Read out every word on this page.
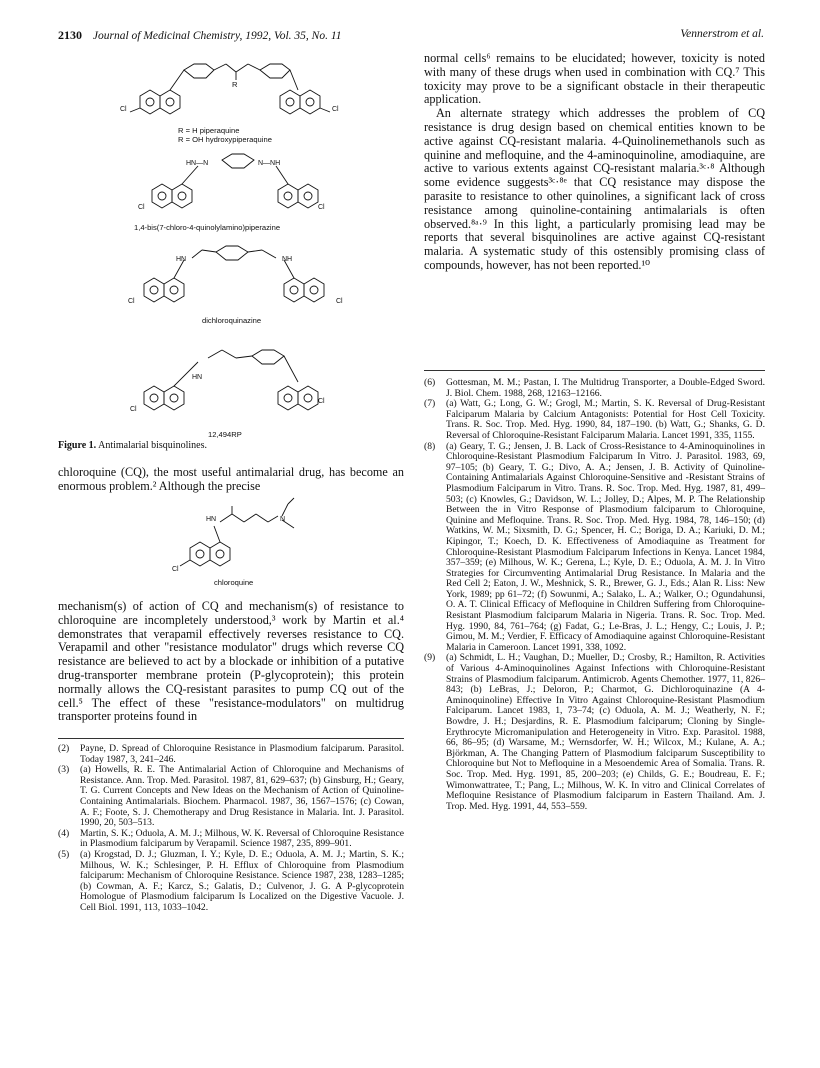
2130 Journal of Medicinal Chemistry, 1992, Vol. 35, No. 11	Vennerstrom et al.
R
Cl	Cl
R = H piperaquine
R = OH hydroxypiperaquine
HN—N	N—NH
Cl	Cl
1,4-bis(7-chloro-4-quinolylamino)piperazine
HN	NH
Cl	Cl
dichloroquinazine
HN
Cl
Cl
12,494RP
Figure 1. Antimalarial bisquinolines.

chloroquine (CQ), the most useful antimalarial drug, has become an enormous problem.² Although the precise

HN	N
Cl
chloroquine

mechanism(s) of action of CQ and mechanism(s) of resistance to chloroquine are incompletely understood,³ work by Martin et al.⁴ demonstrates that verapamil effectively reverses resistance to CQ. Verapamil and other "resistance modulator" drugs which reverse CQ resistance are believed to act by a blockade or inhibition of a putative drug-transporter membrane protein (P-glycoprotein); this protein normally allows the CQ-resistant parasites to pump CQ out of the cell.⁵ The effect of these "resistance-modulators" on multidrug transporter proteins found in

(2) Payne, D. Spread of Chloroquine Resistance in Plasmodium falciparum. Parasitol. Today 1987, 3, 241–246.

(3) (a) Howells, R. E. The Antimalarial Action of Chloroquine and Mechanisms of Resistance. Ann. Trop. Med. Parasitol. 1987, 81, 629–637; (b) Ginsburg, H.; Geary, T. G. Current Concepts and New Ideas on the Mechanism of Action of Quinoline-Containing Antimalarials. Biochem. Pharmacol. 1987, 36, 1567–1576; (c) Cowan, A. F.; Foote, S. J. Chemotherapy and Drug Resistance in Malaria. Int. J. Parasitol. 1990, 20, 503–513.

(4) Martin, S. K.; Oduola, A. M. J.; Milhous, W. K. Reversal of Chloroquine Resistance in Plasmodium falciparum by Verapamil. Science 1987, 235, 899–901.

(5) (a) Krogstad, D. J.; Gluzman, I. Y.; Kyle, D. E.; Oduola, A. M. J.; Martin, S. K.; Milhous, W. K.; Schlesinger, P. H. Efflux of Chloroquine from Plasmodium falciparum: Mechanism of Chloroquine Resistance. Science 1987, 238, 1283–1285; (b) Cowman, A. F.; Karcz, S.; Galatis, D.; Culvenor, J. G. A P-glycoprotein Homologue of Plasmodium falciparum Is Localized on the Digestive Vacuole. J. Cell Biol. 1991, 113, 1033–1042.

normal cells⁶ remains to be elucidated; however, toxicity is noted with many of these drugs when used in combination with CQ.⁷ This toxicity may prove to be a significant obstacle in their therapeutic application.

An alternate strategy which addresses the problem of CQ resistance is drug design based on chemical entities known to be active against CQ-resistant malaria. 4-Quinolinemethanols such as quinine and mefloquine, and the 4-aminoquinoline, amodiaquine, are active to various extents against CQ-resistant malaria.³ᶜ·⁸ Although some evidence suggests³ᶜ·⁸ᵉ that CQ resistance may dispose the parasite to resistance to other quinolines, a significant lack of cross resistance among quinoline-containing antimalarials is often observed.⁸ᵃ·⁹ In this light, a particularly promising lead may be reports that several bisquinolines are active against CQ-resistant malaria. A systematic study of this ostensibly promising class of compounds, however, has not been reported.¹⁰

(6) Gottesman, M. M.; Pastan, I. The Multidrug Transporter, a Double-Edged Sword. J. Biol. Chem. 1988, 268, 12163–12166.

(7) (a) Watt, G.; Long, G. W.; Grogl, M.; Martin, S. K. Reversal of Drug-Resistant Falciparum Malaria by Calcium Antagonists: Potential for Host Cell Toxicity. Trans. R. Soc. Trop. Med. Hyg. 1990, 84, 187–190. (b) Watt, G.; Shanks, G. D. Reversal of Chloroquine-Resistant Falciparum Malaria. Lancet 1991, 335, 1155.

(8) (a) Geary, T. G.; Jensen, J. B. Lack of Cross-Resistance to 4-Aminoquinolines in Chloroquine-Resistant Plasmodium Falciparum In Vitro. J. Parasitol. 1983, 69, 97–105; (b) Geary, T. G.; Divo, A. A.; Jensen, J. B. Activity of Quinoline-Containing Antimalarials Against Chloroquine-Sensitive and -Resistant Strains of Plasmodium Falciparum in Vitro. Trans. R. Soc. Trop. Med. Hyg. 1987, 81, 499–503; (c) Knowles, G.; Davidson, W. L.; Jolley, D.; Alpes, M. P. The Relationship Between the in Vitro Response of Plasmodium falciparum to Chloroquine, Quinine and Mefloquine. Trans. R. Soc. Trop. Med. Hyg. 1984, 78, 146–150; (d) Watkins, W. M.; Sixsmith, D. G.; Spencer, H. C.; Boriga, D. A.; Kariuki, D. M.; Kipingor, T.; Koech, D. K. Effectiveness of Amodiaquine as Treatment for Chloroquine-Resistant Plasmodium Falciparum Infections in Kenya. Lancet 1984, 357–359; (e) Milhous, W. K.; Gerena, L.; Kyle, D. E.; Oduola, A. M. J. In Vitro Strategies for Circumventing Antimalarial Drug Resistance. In Malaria and the Red Cell 2; Eaton, J. W., Meshnick, S. R., Brewer, G. J., Eds.; Alan R. Liss: New York, 1989; pp 61–72; (f) Sowunmi, A.; Salako, L. A.; Walker, O.; Ogundahunsi, O. A. T. Clinical Efficacy of Mefloquine in Children Suffering from Chloroquine-Resistant Plasmodium falciparum Malaria in Nigeria. Trans. R. Soc. Trop. Med. Hyg. 1990, 84, 761–764; (g) Fadat, G.; Le-Bras, J. L.; Hengy, C.; Louis, J. P.; Gimou, M. M.; Verdier, F. Efficacy of Amodiaquine against Chloroquine-Resistant Malaria in Cameroon. Lancet 1991, 338, 1092.

(9) (a) Schmidt, L. H.; Vaughan, D.; Mueller, D.; Crosby, R.; Hamilton, R. Activities of Various 4-Aminoquinolines Against Infections with Chloroquine-Resistant Strains of Plasmodium falciparum. Antimicrob. Agents Chemother. 1977, 11, 826–843; (b) LeBras, J.; Deloron, P.; Charmot, G. Dichloroquinazine (A 4-Aminoquinoline) Effective In Vitro Against Chloroquine-Resistant Plasmodium Falciparum. Lancet 1983, 1, 73–74; (c) Oduola, A. M. J.; Weatherly, N. F.; Bowdre, J. H.; Desjardins, R. E. Plasmodium falciparum; Cloning by Single-Erythrocyte Micromanipulation and Heterogeneity in Vitro. Exp. Parasitol. 1988, 66, 86–95; (d) Warsame, M.; Wernsdorfer, W. H.; Wilcox, M.; Kulane, A. A.; Björkman, A. The Changing Pattern of Plasmodium falciparum Susceptibility to Chloroquine but Not to Mefloquine in a Mesoendemic Area of Somalia. Trans. R. Soc. Trop. Med. Hyg. 1991, 85, 200–203; (e) Childs, G. E.; Boudreau, E. F.; Wimonwattratee, T.; Pang, L.; Milhous, W. K. In vitro and Clinical Correlates of Mefloquine Resistance of Plasmodium falciparum in Eastern Thailand. Am. J. Trop. Med. Hyg. 1991, 44, 553–559.
